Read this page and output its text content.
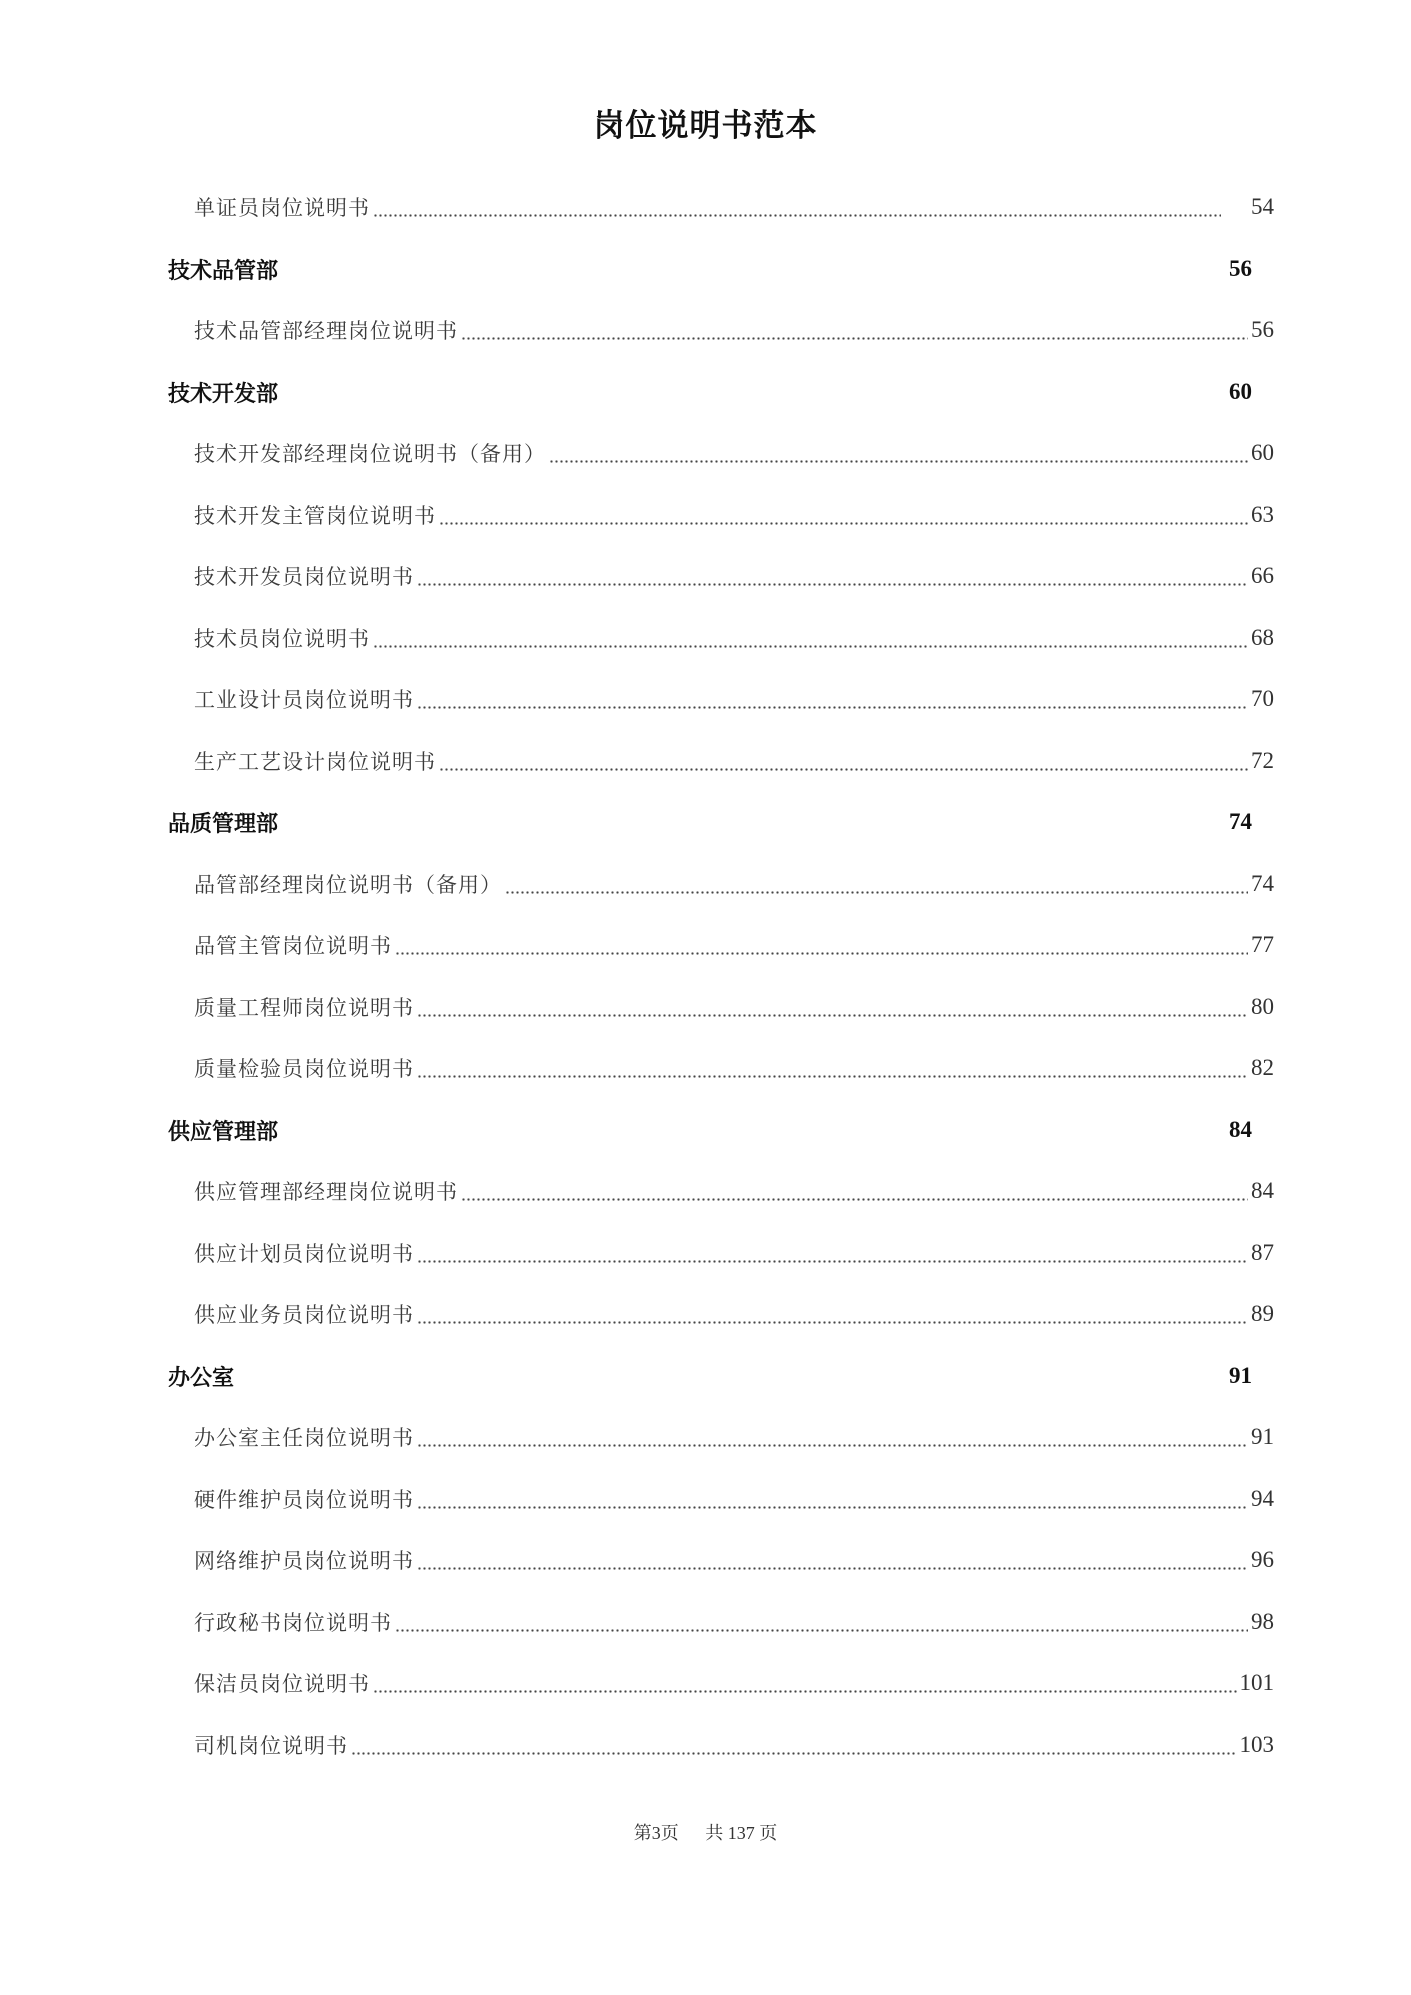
岗位说明书范本
单证员岗位说明书	54
技术品管部	56
技术品管部经理岗位说明书	56
技术开发部	60
技术开发部经理岗位说明书（备用）	60
技术开发主管岗位说明书	63
技术开发员岗位说明书	66
技术员岗位说明书	68
工业设计员岗位说明书	70
生产工艺设计岗位说明书	72
品质管理部	74
品管部经理岗位说明书（备用）	74
品管主管岗位说明书	77
质量工程师岗位说明书	80
质量检验员岗位说明书	82
供应管理部	84
供应管理部经理岗位说明书	84
供应计划员岗位说明书	87
供应业务员岗位说明书	89
办公室	91
办公室主任岗位说明书	91
硬件维护员岗位说明书	94
网络维护员岗位说明书	96
行政秘书岗位说明书	98
保洁员岗位说明书	101
司机岗位说明书	103
第3页 共 137 页
